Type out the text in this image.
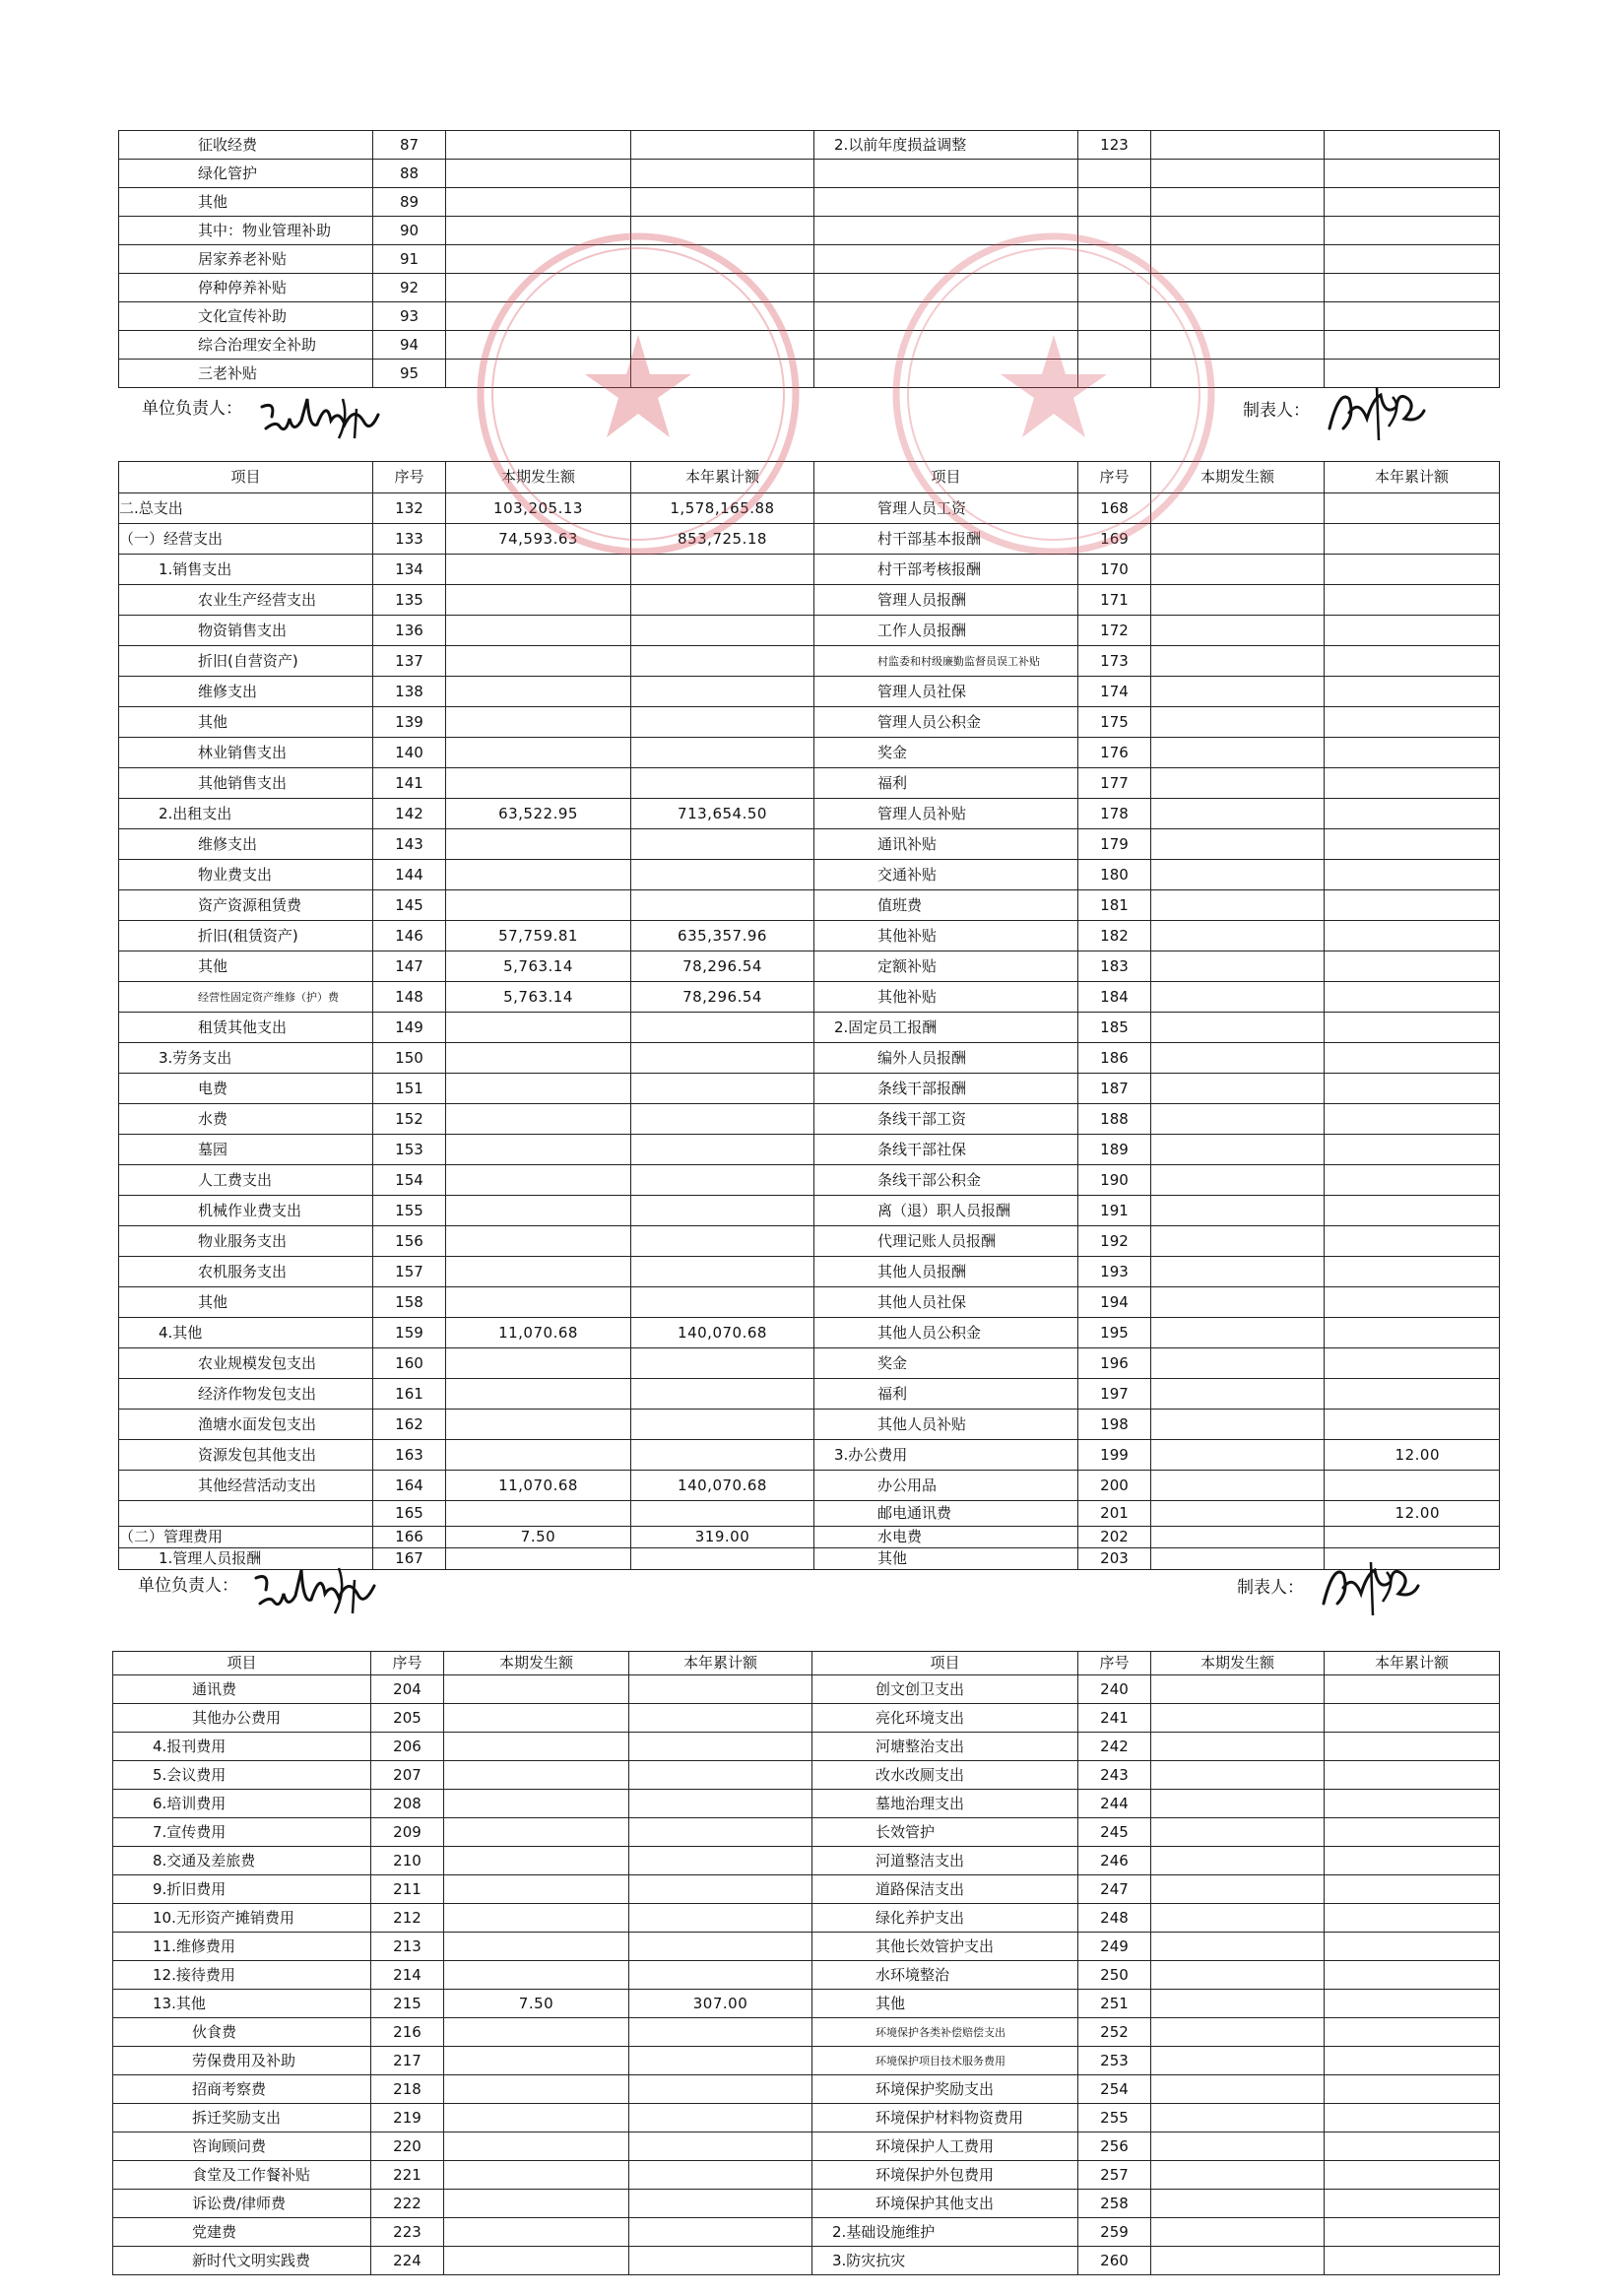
征收经费	87			2.以前年度损益调整	123		
绿化管护	88						
其他	89						
其中：物业管理补助	90						
居家养老补贴	91						
停种停养补贴	92						
文化宣传补助	93						
综合治理安全补助	94						
三老补贴	95						
项目	序号	本期发生额	本年累计额	项目	序号	本期发生额	本年累计额
二.总支出	132	103,205.13	1,578,165.88	管理人员工资	168		
（一）经营支出	133	74,593.63	853,725.18	村干部基本报酬	169		
1.销售支出	134			村干部考核报酬	170		
农业生产经营支出	135			管理人员报酬	171		
物资销售支出	136			工作人员报酬	172		
折旧(自营资产)	137			村监委和村级廉勤监督员误工补贴	173		
维修支出	138			管理人员社保	174		
其他	139			管理人员公积金	175		
林业销售支出	140			奖金	176		
其他销售支出	141			福利	177		
2.出租支出	142	63,522.95	713,654.50	管理人员补贴	178		
维修支出	143			通讯补贴	179		
物业费支出	144			交通补贴	180		
资产资源租赁费	145			值班费	181		
折旧(租赁资产)	146	57,759.81	635,357.96	其他补贴	182		
其他	147	5,763.14	78,296.54	定额补贴	183		
经营性固定资产维修（护）费	148	5,763.14	78,296.54	其他补贴	184		
租赁其他支出	149			2.固定员工报酬	185		
3.劳务支出	150			编外人员报酬	186		
电费	151			条线干部报酬	187		
水费	152			条线干部工资	188		
墓园	153			条线干部社保	189		
人工费支出	154			条线干部公积金	190		
机械作业费支出	155			离（退）职人员报酬	191		
物业服务支出	156			代理记账人员报酬	192		
农机服务支出	157			其他人员报酬	193		
其他	158			其他人员社保	194		
4.其他	159	11,070.68	140,070.68	其他人员公积金	195		
农业规模发包支出	160			奖金	196		
经济作物发包支出	161			福利	197		
渔塘水面发包支出	162			其他人员补贴	198		
资源发包其他支出	163			3.办公费用	199		12.00
其他经营活动支出	164	11,070.68	140,070.68	办公用品	200		
	165			邮电通讯费	201		12.00
（二）管理费用	166	7.50	319.00	水电费	202		
1.管理人员报酬	167			其他	203		
项目	序号	本期发生额	本年累计额	项目	序号	本期发生额	本年累计额
通讯费	204			创文创卫支出	240		
其他办公费用	205			亮化环境支出	241		
4.报刊费用	206			河塘整治支出	242		
5.会议费用	207			改水改厕支出	243		
6.培训费用	208			墓地治理支出	244		
7.宣传费用	209			长效管护	245		
8.交通及差旅费	210			河道整洁支出	246		
9.折旧费用	211			道路保洁支出	247		
10.无形资产摊销费用	212			绿化养护支出	248		
11.维修费用	213			其他长效管护支出	249		
12.接待费用	214			水环境整治	250		
13.其他	215	7.50	307.00	其他	251		
伙食费	216			环境保护各类补偿赔偿支出	252		
劳保费用及补助	217			环境保护项目技术服务费用	253		
招商考察费	218			环境保护奖励支出	254		
拆迁奖励支出	219			环境保护材料物资费用	255		
咨询顾问费	220			环境保护人工费用	256		
食堂及工作餐补贴	221			环境保护外包费用	257		
诉讼费/律师费	222			环境保护其他支出	258		
党建费	223			2.基础设施维护	259		
新时代文明实践费	224			3.防灾抗灾	260		
单位负责人：	制表人：
单位负责人：	制表人：
